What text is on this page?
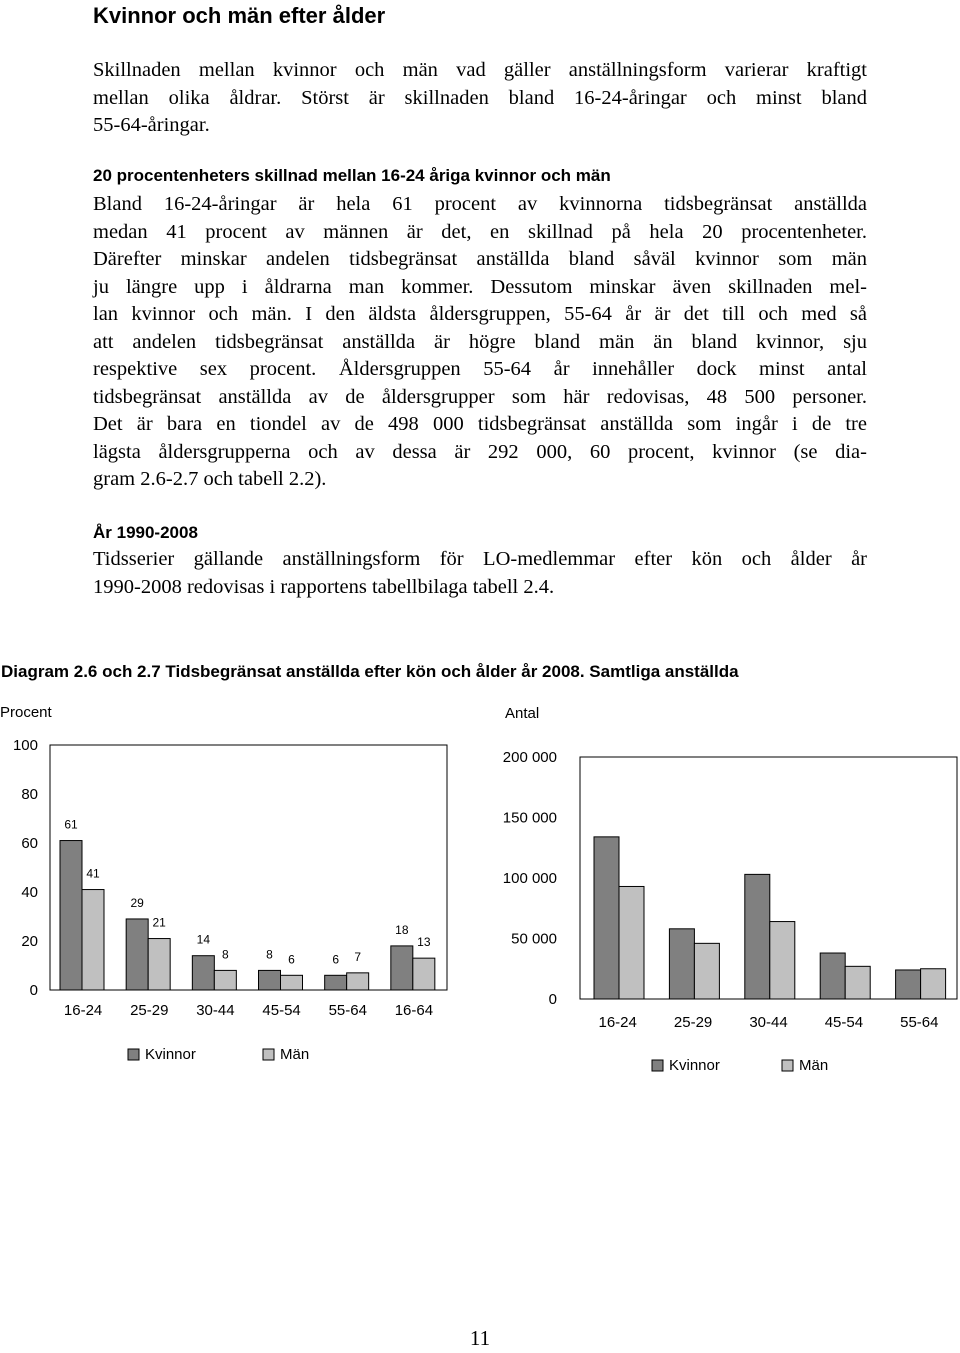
Kvinnor och män efter ålder
Skillnaden mellan kvinnor och män vad gäller anställningsform varierar kraftigt
mellan olika åldrar. Störst är skillnaden bland 16-24-åringar och minst bland
55-64-åringar.
20 procentenheters skillnad mellan 16-24 åriga kvinnor och män
Bland 16-24-åringar är hela 61 procent av kvinnorna tidsbegränsat anställda
medan 41 procent av männen är det, en skillnad på hela 20 procentenheter.
Därefter minskar andelen tidsbegränsat anställda bland såväl kvinnor som män
ju längre upp i åldrarna man kommer. Dessutom minskar även skillnaden mel-
lan kvinnor och män. I den äldsta åldersgruppen, 55-64 år är det till och med så
att andelen tidsbegränsat anställda är högre bland män än bland kvinnor, sju
respektive sex procent. Åldersgruppen 55-64 år innehåller dock minst antal
tidsbegränsat anställda av de åldersgrupper som här redovisas, 48 500 personer.
Det är bara en tiondel av de 498 000 tidsbegränsat anställda som ingår i de tre
lägsta åldersgrupperna och av dessa är 292 000, 60 procent, kvinnor (se dia-
gram 2.6-2.7 och tabell 2.2).
År 1990-2008
Tidsserier gällande anställningsform för LO-medlemmar efter kön och ålder år
1990-2008 redovisas i rapportens tabellbilaga tabell 2.4.
Diagram 2.6 och 2.7 Tidsbegränsat anställda efter kön och ålder år 2008. Samtliga anställda
Procent
0
20
40
60
80
100
61
41
16-24
29
21
25-29
14
8
30-44
8 6
45-54
6 7
55-64
18
13
16-64
Kvinnor	Män
Antal
0
50 000
100 000
150 000
200 000
16-24 25-29 30-44 45-54 55-64
Kvinnor	Män
11
